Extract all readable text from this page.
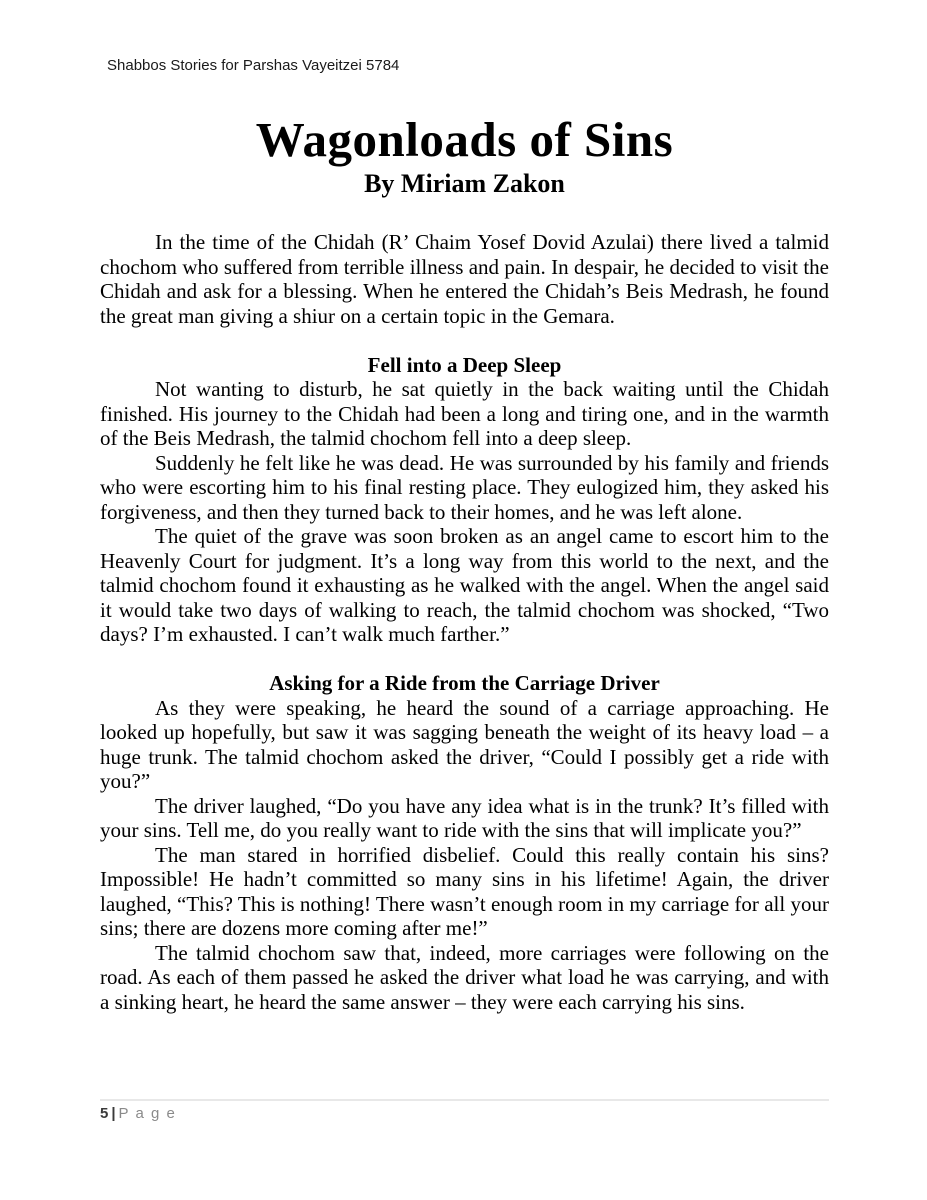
Shabbos Stories for Parshas Vayeitzei 5784
Wagonloads of Sins
By Miriam Zakon

In the time of the Chidah (R’ Chaim Yosef Dovid Azulai) there lived a talmid chochom who suffered from terrible illness and pain. In despair, he decided to visit the Chidah and ask for a blessing. When he entered the Chidah’s Beis Medrash, he found the great man giving a shiur on a certain topic in the Gemara.

Fell into a Deep Sleep

Not wanting to disturb, he sat quietly in the back waiting until the Chidah finished. His journey to the Chidah had been a long and tiring one, and in the warmth of the Beis Medrash, the talmid chochom fell into a deep sleep.

Suddenly he felt like he was dead. He was surrounded by his family and friends who were escorting him to his final resting place. They eulogized him, they asked his forgiveness, and then they turned back to their homes, and he was left alone.

The quiet of the grave was soon broken as an angel came to escort him to the Heavenly Court for judgment. It’s a long way from this world to the next, and the talmid chochom found it exhausting as he walked with the angel. When the angel said it would take two days of walking to reach, the talmid chochom was shocked, “Two days? I’m exhausted. I can’t walk much farther.”

Asking for a Ride from the Carriage Driver

As they were speaking, he heard the sound of a carriage approaching. He looked up hopefully, but saw it was sagging beneath the weight of its heavy load – a huge trunk. The talmid chochom asked the driver, “Could I possibly get a ride with you?”

The driver laughed, “Do you have any idea what is in the trunk? It’s filled with your sins. Tell me, do you really want to ride with the sins that will implicate you?”

The man stared in horrified disbelief. Could this really contain his sins? Impossible! He hadn’t committed so many sins in his lifetime! Again, the driver laughed, “This? This is nothing! There wasn’t enough room in my carriage for all your sins; there are dozens more coming after me!”

The talmid chochom saw that, indeed, more carriages were following on the road. As each of them passed he asked the driver what load he was carrying, and with a sinking heart, he heard the same answer – they were each carrying his sins.

5 | P a g e
